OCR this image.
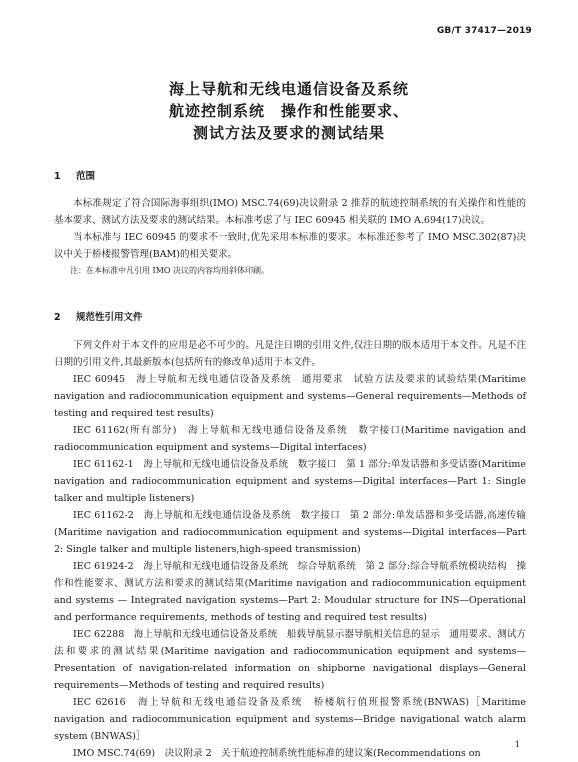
GB/T 37417—2019
海上导航和无线电通信设备及系统
航迹控制系统　操作和性能要求、
测试方法及要求的测试结果
1 范围

本标准规定了符合国际海事组织(IMO) MSC.74(69)决议附录 2 推荐的航迹控制系统的有关操作和性能的基本要求、测试方法及要求的测试结果。本标准考虑了与 IEC 60945 相关联的 IMO A.694(17)决议。

当本标准与 IEC 60945 的要求不一致时,优先采用本标准的要求。本标准还参考了 IMO MSC.302(87)决议中关于桥楼报警管理(BAM)的相关要求。

注：在本标准中凡引用 IMO 决议的内容均用斜体印刷。

2 规范性引用文件

下列文件对于本文件的应用是必不可少的。凡是注日期的引用文件,仅注日期的版本适用于本文件。凡是不注日期的引用文件,其最新版本(包括所有的修改单)适用于本文件。

IEC 60945　海上导航和无线电通信设备及系统　通用要求　试验方法及要求的试验结果(Maritime navigation and radiocommunication equipment and systems—General requirements—Methods of testing and required test results)

IEC 61162(所有部分)　海上导航和无线电通信设备及系统　数字接口(Maritime navigation and radiocommunication equipment and systems—Digital interfaces)

IEC 61162-1　海上导航和无线电通信设备及系统　数字接口　第 1 部分:单发话器和多受话器(Maritime navigation and radiocommunication equipment and systems—Digital interfaces—Part 1: Single talker and multiple listeners)

IEC 61162-2　海上导航和无线电通信设备及系统　数字接口　第 2 部分:单发话器和多受话器,高速传输(Maritime navigation and radiocommunication equipment and systems—Digital interfaces—Part 2: Single talker and multiple listeners,high-speed transmission)

IEC 61924-2　海上导航和无线电通信设备及系统　综合导航系统　第 2 部分:综合导航系统模块结构　操作和性能要求、测试方法和要求的测试结果(Maritime navigation and radiocommunication equipment and systems — Integrated navigation systems—Part 2: Moudular structure for INS—Operational and performance requirements, methods of testing and required test results)

IEC 62288　海上导航和无线电通信设备及系统　船载导航显示器导航相关信息的显示　通用要求、测试方法和要求的测试结果(Maritime navigation and radiocommunication equipment and systems—Presentation of navigation-related information on shipborne navigational displays—General requirements—Methods of testing and required results)

IEC 62616　海上导航和无线电通信设备及系统　桥楼航行值班报警系统(BNWAS)［Maritime navigation and radiocommunication equipment and systems—Bridge navigational watch alarm system (BNWAS)］

IMO MSC.74(69)　决议附录 2　关于航迹控制系统性能标准的建议案(Recommendations on

1
